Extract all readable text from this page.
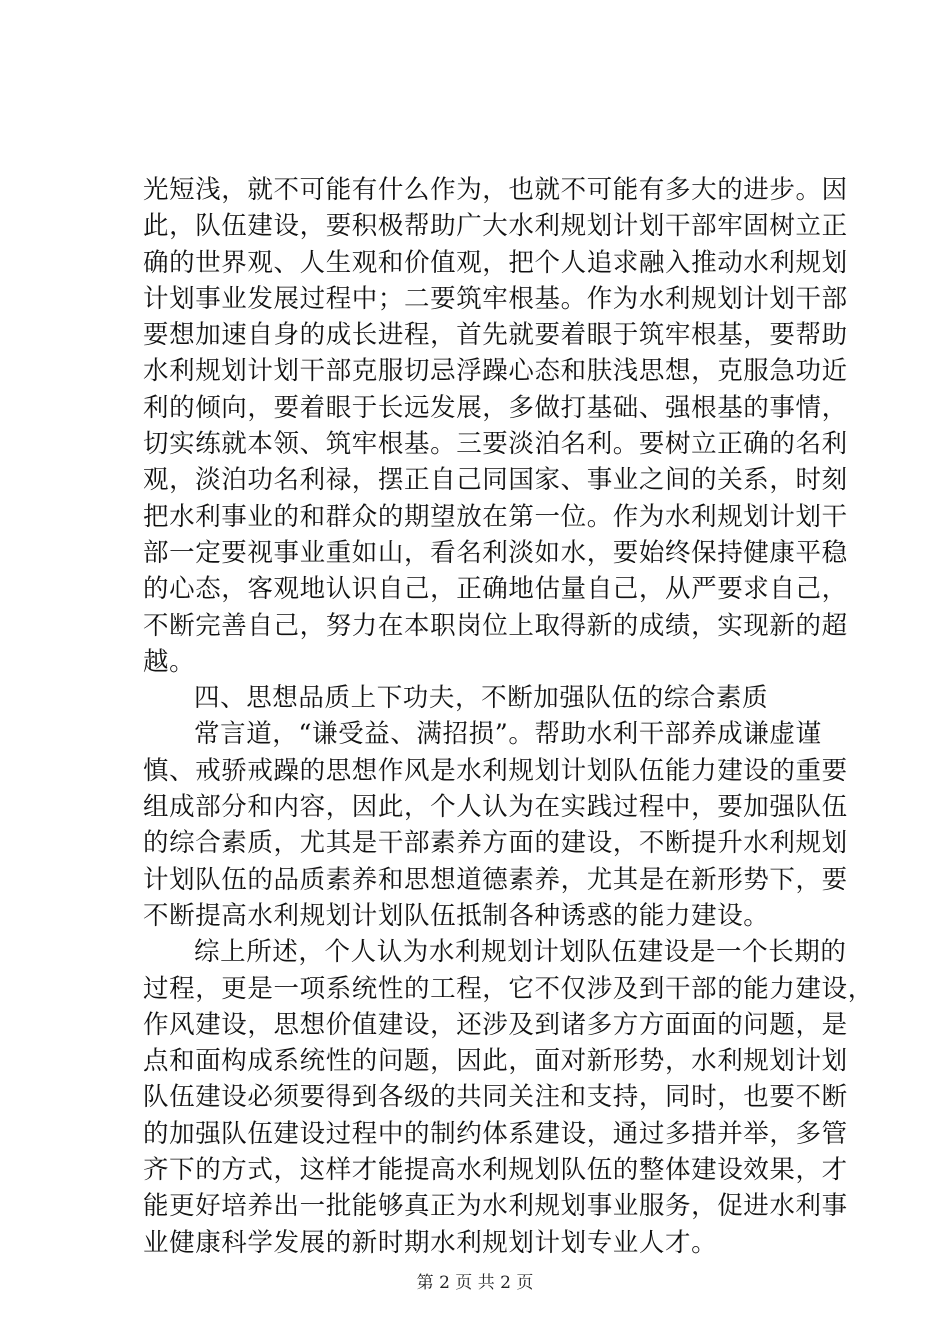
光短浅，就不可能有什么作为，也就不可能有多大的进步。因
此，队伍建设，要积极帮助广大水利规划计划干部牢固树立正
确的世界观、人生观和价值观，把个人追求融入推动水利规划
计划事业发展过程中；二要筑牢根基。作为水利规划计划干部
要想加速自身的成长进程，首先就要着眼于筑牢根基，要帮助
水利规划计划干部克服切忌浮躁心态和肤浅思想，克服急功近
利的倾向，要着眼于长远发展，多做打基础、强根基的事情，
切实练就本领、筑牢根基。三要淡泊名利。要树立正确的名利
观，淡泊功名利禄，摆正自己同国家、事业之间的关系，时刻
把水利事业的和群众的期望放在第一位。作为水利规划计划干
部一定要视事业重如山，看名利淡如水，要始终保持健康平稳
的心态，客观地认识自己，正确地估量自己，从严要求自己，
不断完善自己，努力在本职岗位上取得新的成绩，实现新的超
越。
四、思想品质上下功夫，不断加强队伍的综合素质
常言道，“谦受益、满招损”。帮助水利干部养成谦虚谨
慎、戒骄戒躁的思想作风是水利规划计划队伍能力建设的重要
组成部分和内容，因此，个人认为在实践过程中，要加强队伍
的综合素质，尤其是干部素养方面的建设，不断提升水利规划
计划队伍的品质素养和思想道德素养，尤其是在新形势下，要
不断提高水利规划计划队伍抵制各种诱惑的能力建设。
综上所述，个人认为水利规划计划队伍建设是一个长期的
过程，更是一项系统性的工程，它不仅涉及到干部的能力建设，
作风建设，思想价值建设，还涉及到诸多方方面面的问题，是
点和面构成系统性的问题，因此，面对新形势，水利规划计划
队伍建设必须要得到各级的共同关注和支持，同时，也要不断
的加强队伍建设过程中的制约体系建设，通过多措并举，多管
齐下的方式，这样才能提高水利规划队伍的整体建设效果，才
能更好培养出一批能够真正为水利规划事业服务，促进水利事
业健康科学发展的新时期水利规划计划专业人才。
第 2 页 共 2 页
